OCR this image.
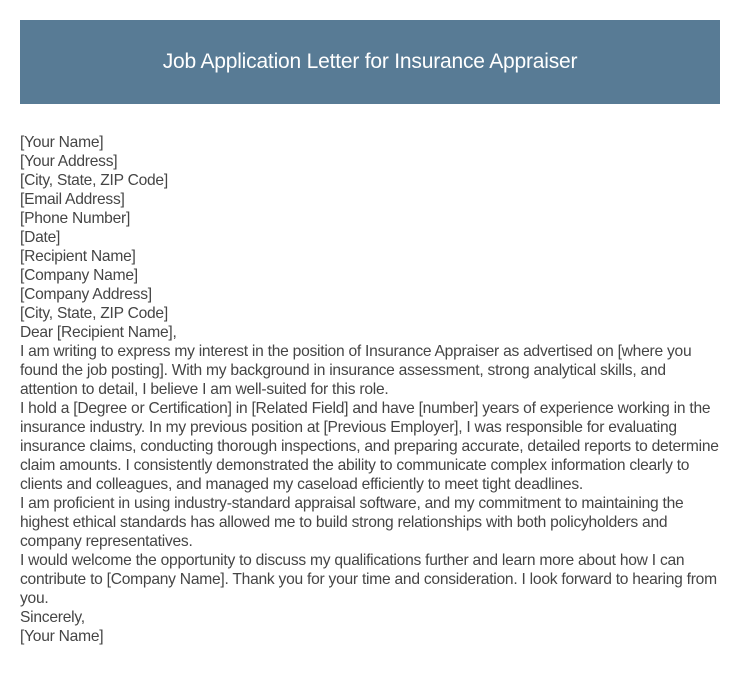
Job Application Letter for Insurance Appraiser

[Your Name]

[Your Address]

[City, State, ZIP Code]

[Email Address]

[Phone Number]

[Date]

[Recipient Name]

[Company Name]

[Company Address]

[City, State, ZIP Code]

Dear [Recipient Name],

I am writing to express my interest in the position of Insurance Appraiser as advertised on [where you found the job posting]. With my background in insurance assessment, strong analytical skills, and attention to detail, I believe I am well-suited for this role.

I hold a [Degree or Certification] in [Related Field] and have [number] years of experience working in the insurance industry. In my previous position at [Previous Employer], I was responsible for evaluating insurance claims, conducting thorough inspections, and preparing accurate, detailed reports to determine claim amounts. I consistently demonstrated the ability to communicate complex information clearly to clients and colleagues, and managed my caseload efficiently to meet tight deadlines.

I am proficient in using industry-standard appraisal software, and my commitment to maintaining the highest ethical standards has allowed me to build strong relationships with both policyholders and company representatives.

I would welcome the opportunity to discuss my qualifications further and learn more about how I can contribute to [Company Name]. Thank you for your time and consideration. I look forward to hearing from you.

Sincerely,

[Your Name]
